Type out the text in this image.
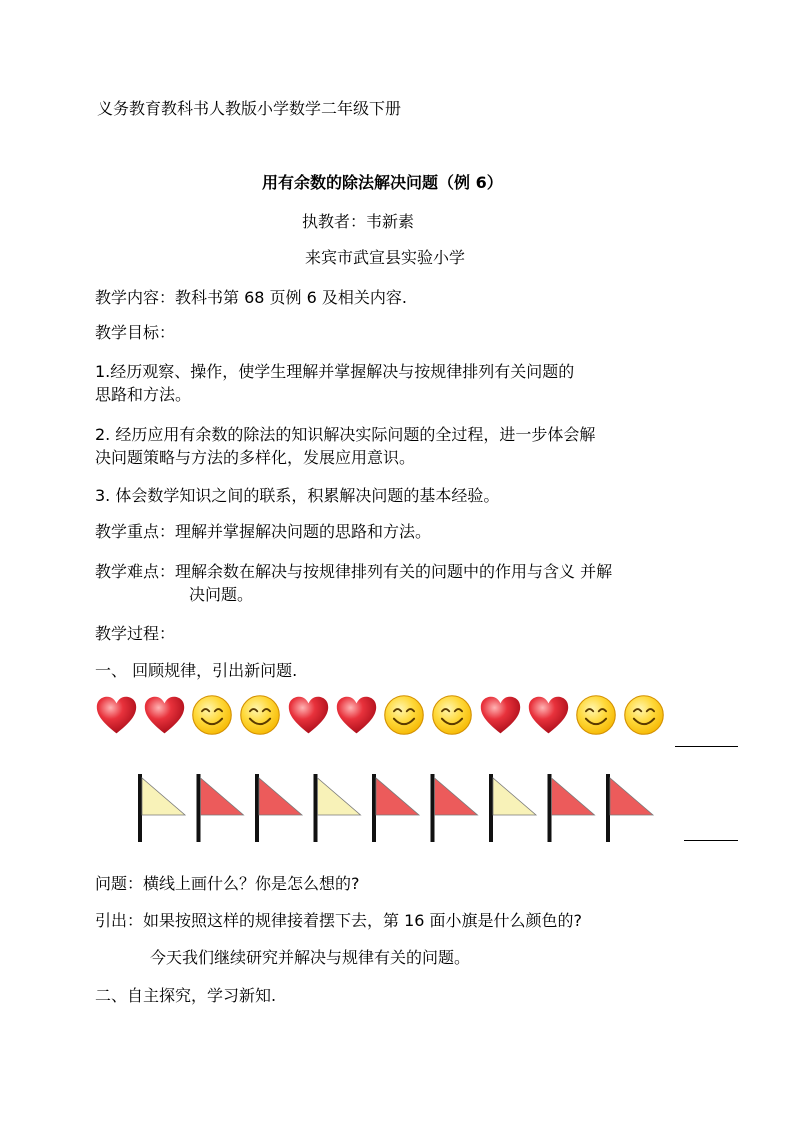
义务教育教科书人教版小学数学二年级下册
用有余数的除法解决问题（例 6）
执教者：韦新素
来宾市武宣县实验小学
教学内容：教科书第 68 页例 6 及相关内容.
教学目标：
1.经历观察、操作，使学生理解并掌握解决与按规律排列有关问题的
思路和方法。
2. 经历应用有余数的除法的知识解决实际问题的全过程，进一步体会解
决问题策略与方法的多样化，发展应用意识。
3. 体会数学知识之间的联系，积累解决问题的基本经验。
教学重点：理解并掌握解决问题的思路和方法。
教学难点：理解余数在解决与按规律排列有关的问题中的作用与含义 并解
决问题。
教学过程：
一、 回顾规律，引出新问题.
问题：横线上画什么？你是怎么想的?
引出：如果按照这样的规律接着摆下去，第 16 面小旗是什么颜色的?
今天我们继续研究并解决与规律有关的问题。
二、自主探究，学习新知.
